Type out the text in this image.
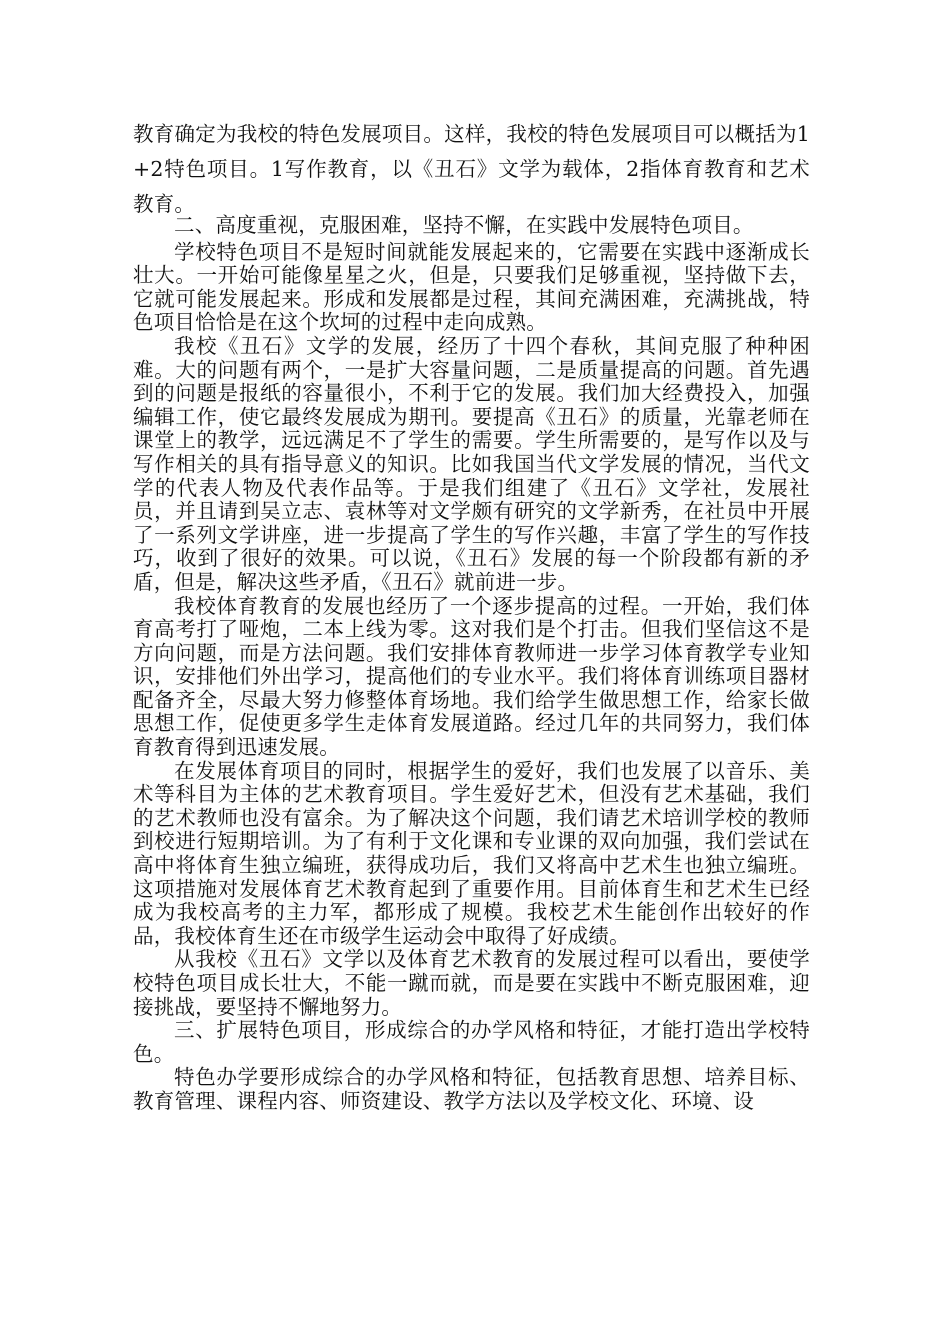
教育确定为我校的特色发展项目。这样，我校的特色发展项目可以概括为1+2特色项目。1写作教育，以《丑石》文学为载体，2指体育教育和艺术教育。

二、高度重视，克服困难，坚持不懈，在实践中发展特色项目。

学校特色项目不是短时间就能发展起来的，它需要在实践中逐渐成长壮大。一开始可能像星星之火，但是，只要我们足够重视，坚持做下去，它就可能发展起来。形成和发展都是过程，其间充满困难，充满挑战，特色项目恰恰是在这个坎坷的过程中走向成熟。

我校《丑石》文学的发展，经历了十四个春秋，其间克服了种种困难。大的问题有两个，一是扩大容量问题，二是质量提高的问题。首先遇到的问题是报纸的容量很小，不利于它的发展。我们加大经费投入，加强编辑工作，使它最终发展成为期刊。要提高《丑石》的质量，光靠老师在课堂上的教学，远远满足不了学生的需要。学生所需要的，是写作以及与写作相关的具有指导意义的知识。比如我国当代文学发展的情况，当代文学的代表人物及代表作品等。于是我们组建了《丑石》文学社，发展社员，并且请到吴立志、袁林等对文学颇有研究的文学新秀，在社员中开展了一系列文学讲座，进一步提高了学生的写作兴趣，丰富了学生的写作技巧，收到了很好的效果。可以说，《丑石》发展的每一个阶段都有新的矛盾，但是，解决这些矛盾，《丑石》就前进一步。

我校体育教育的发展也经历了一个逐步提高的过程。一开始，我们体育高考打了哑炮，二本上线为零。这对我们是个打击。但我们坚信这不是方向问题，而是方法问题。我们安排体育教师进一步学习体育教学专业知识，安排他们外出学习，提高他们的专业水平。我们将体育训练项目器材配备齐全，尽最大努力修整体育场地。我们给学生做思想工作，给家长做思想工作，促使更多学生走体育发展道路。经过几年的共同努力，我们体育教育得到迅速发展。

在发展体育项目的同时，根据学生的爱好，我们也发展了以音乐、美术等科目为主体的艺术教育项目。学生爱好艺术，但没有艺术基础，我们的艺术教师也没有富余。为了解决这个问题，我们请艺术培训学校的教师到校进行短期培训。为了有利于文化课和专业课的双向加强，我们尝试在高中将体育生独立编班，获得成功后，我们又将高中艺术生也独立编班。这项措施对发展体育艺术教育起到了重要作用。目前体育生和艺术生已经成为我校高考的主力军，都形成了规模。我校艺术生能创作出较好的作品，我校体育生还在市级学生运动会中取得了好成绩。

从我校《丑石》文学以及体育艺术教育的发展过程可以看出，要使学校特色项目成长壮大，不能一蹴而就，而是要在实践中不断克服困难，迎接挑战，要坚持不懈地努力。

三、扩展特色项目，形成综合的办学风格和特征，才能打造出学校特色。

特色办学要形成综合的办学风格和特征，包括教育思想、培养目标、教育管理、课程内容、师资建设、教学方法以及学校文化、环境、设
